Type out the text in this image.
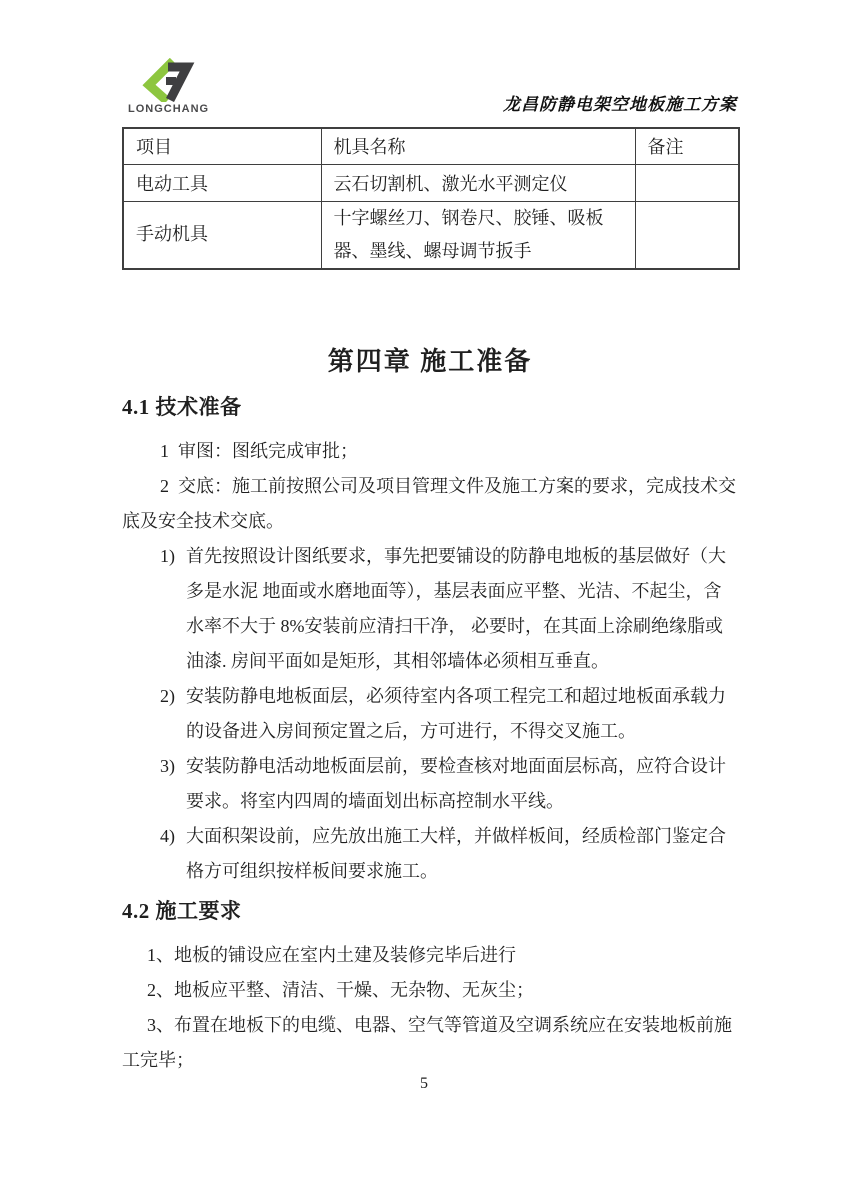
LONGCHANG	龙昌防静电架空地板施工方案
项目	机具名称	备注
电动工具	云石切割机、激光水平测定仪	
手动机具	十字螺丝刀、钢卷尺、胶锤、吸板器、墨线、螺母调节扳手	
第四章 施工准备
4.1 技术准备

1  审图：图纸完成审批；

2  交底：施工前按照公司及项目管理文件及施工方案的要求，完成技术交底及安全技术交底。

1) 首先按照设计图纸要求，事先把要铺设的防静电地板的基层做好（大多是水泥 地面或水磨地面等），基层表面应平整、光洁、不起尘，含水率不大于 8%安装前应清扫干净， 必要时，在其面上涂刷绝缘脂或油漆. 房间平面如是矩形，其相邻墙体必须相互垂直。
2) 安装防静电地板面层，必须待室内各项工程完工和超过地板面承载力的设备进入房间预定置之后，方可进行，不得交叉施工。
3) 安装防静电活动地板面层前，要检查核对地面面层标高，应符合设计要求。将室内四周的墙面划出标高控制水平线。
4) 大面积架设前，应先放出施工大样，并做样板间，经质检部门鉴定合格方可组织按样板间要求施工。
4.2 施工要求

1、地板的铺设应在室内土建及装修完毕后进行

2、地板应平整、清洁、干燥、无杂物、无灰尘；

3、布置在地板下的电缆、电器、空气等管道及空调系统应在安装地板前施工完毕；

5
